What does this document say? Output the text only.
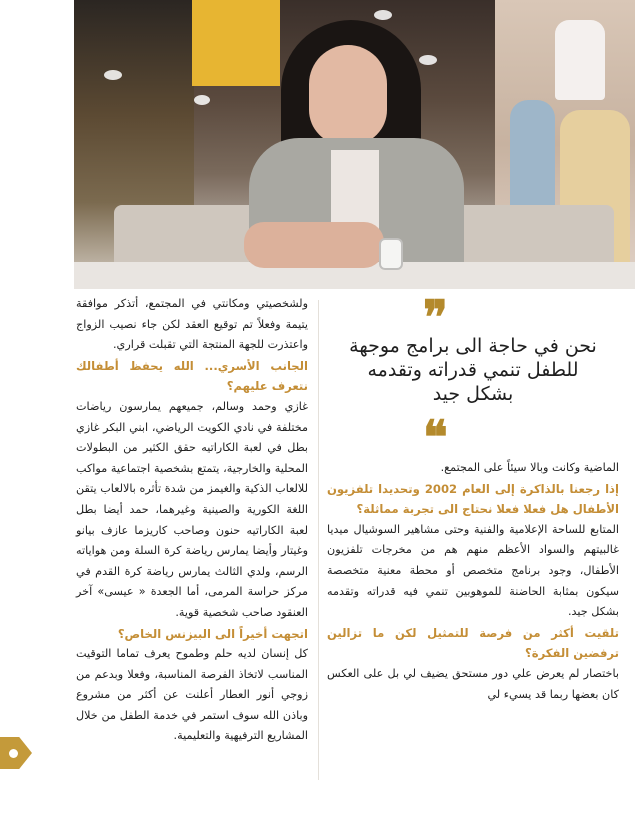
ولشخصيتي ومكانتي في المجتمع، أتذكر موافقة يتيمة وفعلاً تم توقيع العقد لكن جاء نصيب الزواج واعتذرت للجهة المنتجة التي تقبلت قراري.

الجانب الأسري... الله يحفظ أطفالك نتعرف عليهم؟

غازي وحمد وسالم، جميعهم يمارسون رياضات مختلفة في نادي الكويت الرياضي، ابني البكر غازي بطل في لعبة الكاراتيه حقق الكثير من البطولات المحلية والخارجية، يتمتع بشخصية اجتماعية مواكب للالعاب الذكية والغيمز من شدة تأثره بالالعاب يتقن اللغة الكورية والصينية وغيرهما، حمد أيضا بطل لعبة الكاراتيه حنون وصاحب كاريزما عازف بيانو وغيتار وأيضا يمارس رياضة كرة السلة ومن هواياته الرسم، ولدي الثالث يمارس رياضة كرة القدم في مركز حراسة المرمى، أما الجعدة « عيسى» آخر العنقود صاحب شخصية قوية.

اتجهت أخيراً الى البيزنس الخاص؟

كل إنسان لديه حلم وطموح يعرف تماما التوقيت المناسب لاتخاذ الفرصة المناسبة، وفعلا وبدعم من زوجي أنور العطار أعلنت عن أكثر من مشروع وباذن الله سوف استمر في خدمة الطفل من خلال المشاريع الترفيهية والتعليمية.

❞
نحن في حاجة الى برامج موجهة
للطفل تنمي قدراته وتقدمه
بشكل جيد
❝

الماضية وكانت وبالا سيئاً على المجتمع.

إذا رجعنا بالذاكرة إلى العام 2002 وتحديدا تلفزيون الأطفال هل فعلا فعلا نحتاج الى تجربة مماثلة؟

المتابع للساحة الإعلامية والفنية وحتى مشاهير السوشيال ميديا غالبيتهم والسواد الأعظم منهم هم من مخرجات تلفزيون الأطفال، وجود برنامج متخصص أو محطة معنية متخصصة سيكون بمثابة الحاضنة للموهوبين تنمي فيه قدراته وتقدمه بشكل جيد.

تلقيت أكثر من فرصة للتمثيل لكن ما تزالين ترفضين الفكرة؟

باختصار لم يعرض علي دور مستحق يضيف لي بل على العكس كان بعضها ربما قد يسيء لي
